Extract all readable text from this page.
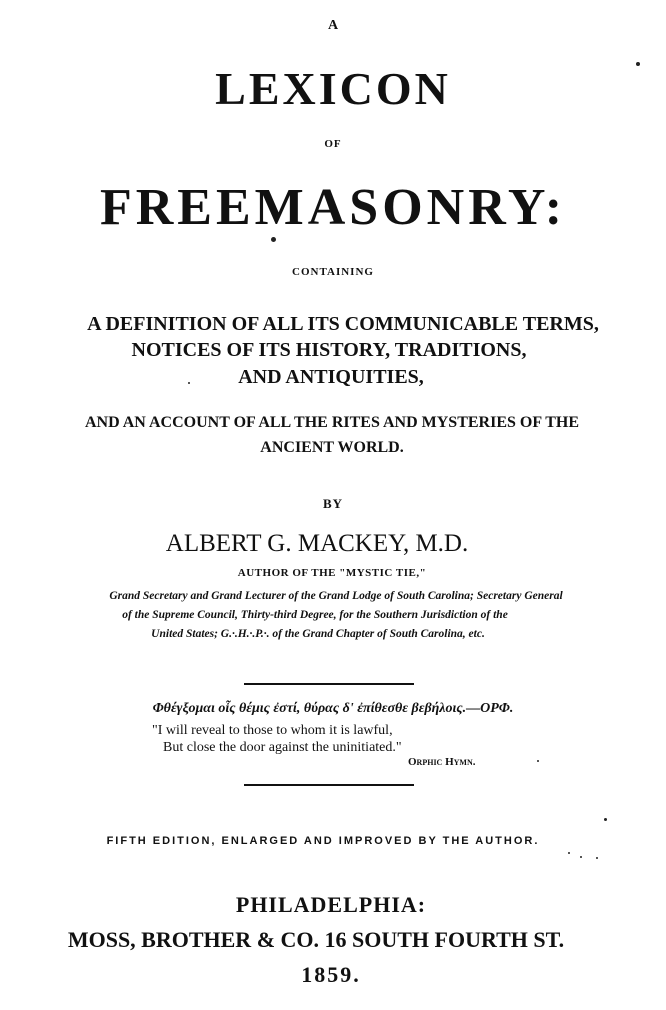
A
LEXICON
OF
FREEMASONRY:
CONTAINING
A DEFINITION OF ALL ITS COMMUNICABLE TERMS,
NOTICES OF ITS HISTORY, TRADITIONS,
AND ANTIQUITIES,
AND AN ACCOUNT OF ALL THE RITES AND MYSTERIES OF THE
ANCIENT WORLD.
BY
ALBERT G. MACKEY, M.D.
AUTHOR OF THE "MYSTIC TIE,"
Grand Secretary and Grand Lecturer of the Grand Lodge of South Carolina; Secretary General
of the Supreme Council, Thirty-third Degree, for the Southern Jurisdiction of the
United States; G.·.H.·.P.·. of the Grand Chapter of South Carolina, etc.
Φθέγξομαι οἷς θέμις ἐστί, θύρας δ' ἐπίθεσθε βεβήλοις.—ΟΡΦ.
"I will reveal to those to whom it is lawful,
But close the door against the uninitiated."
Orphic Hymn.
FIFTH EDITION, ENLARGED AND IMPROVED BY THE AUTHOR.
PHILADELPHIA:
MOSS, BROTHER & CO. 16 SOUTH FOURTH ST.
1859.
